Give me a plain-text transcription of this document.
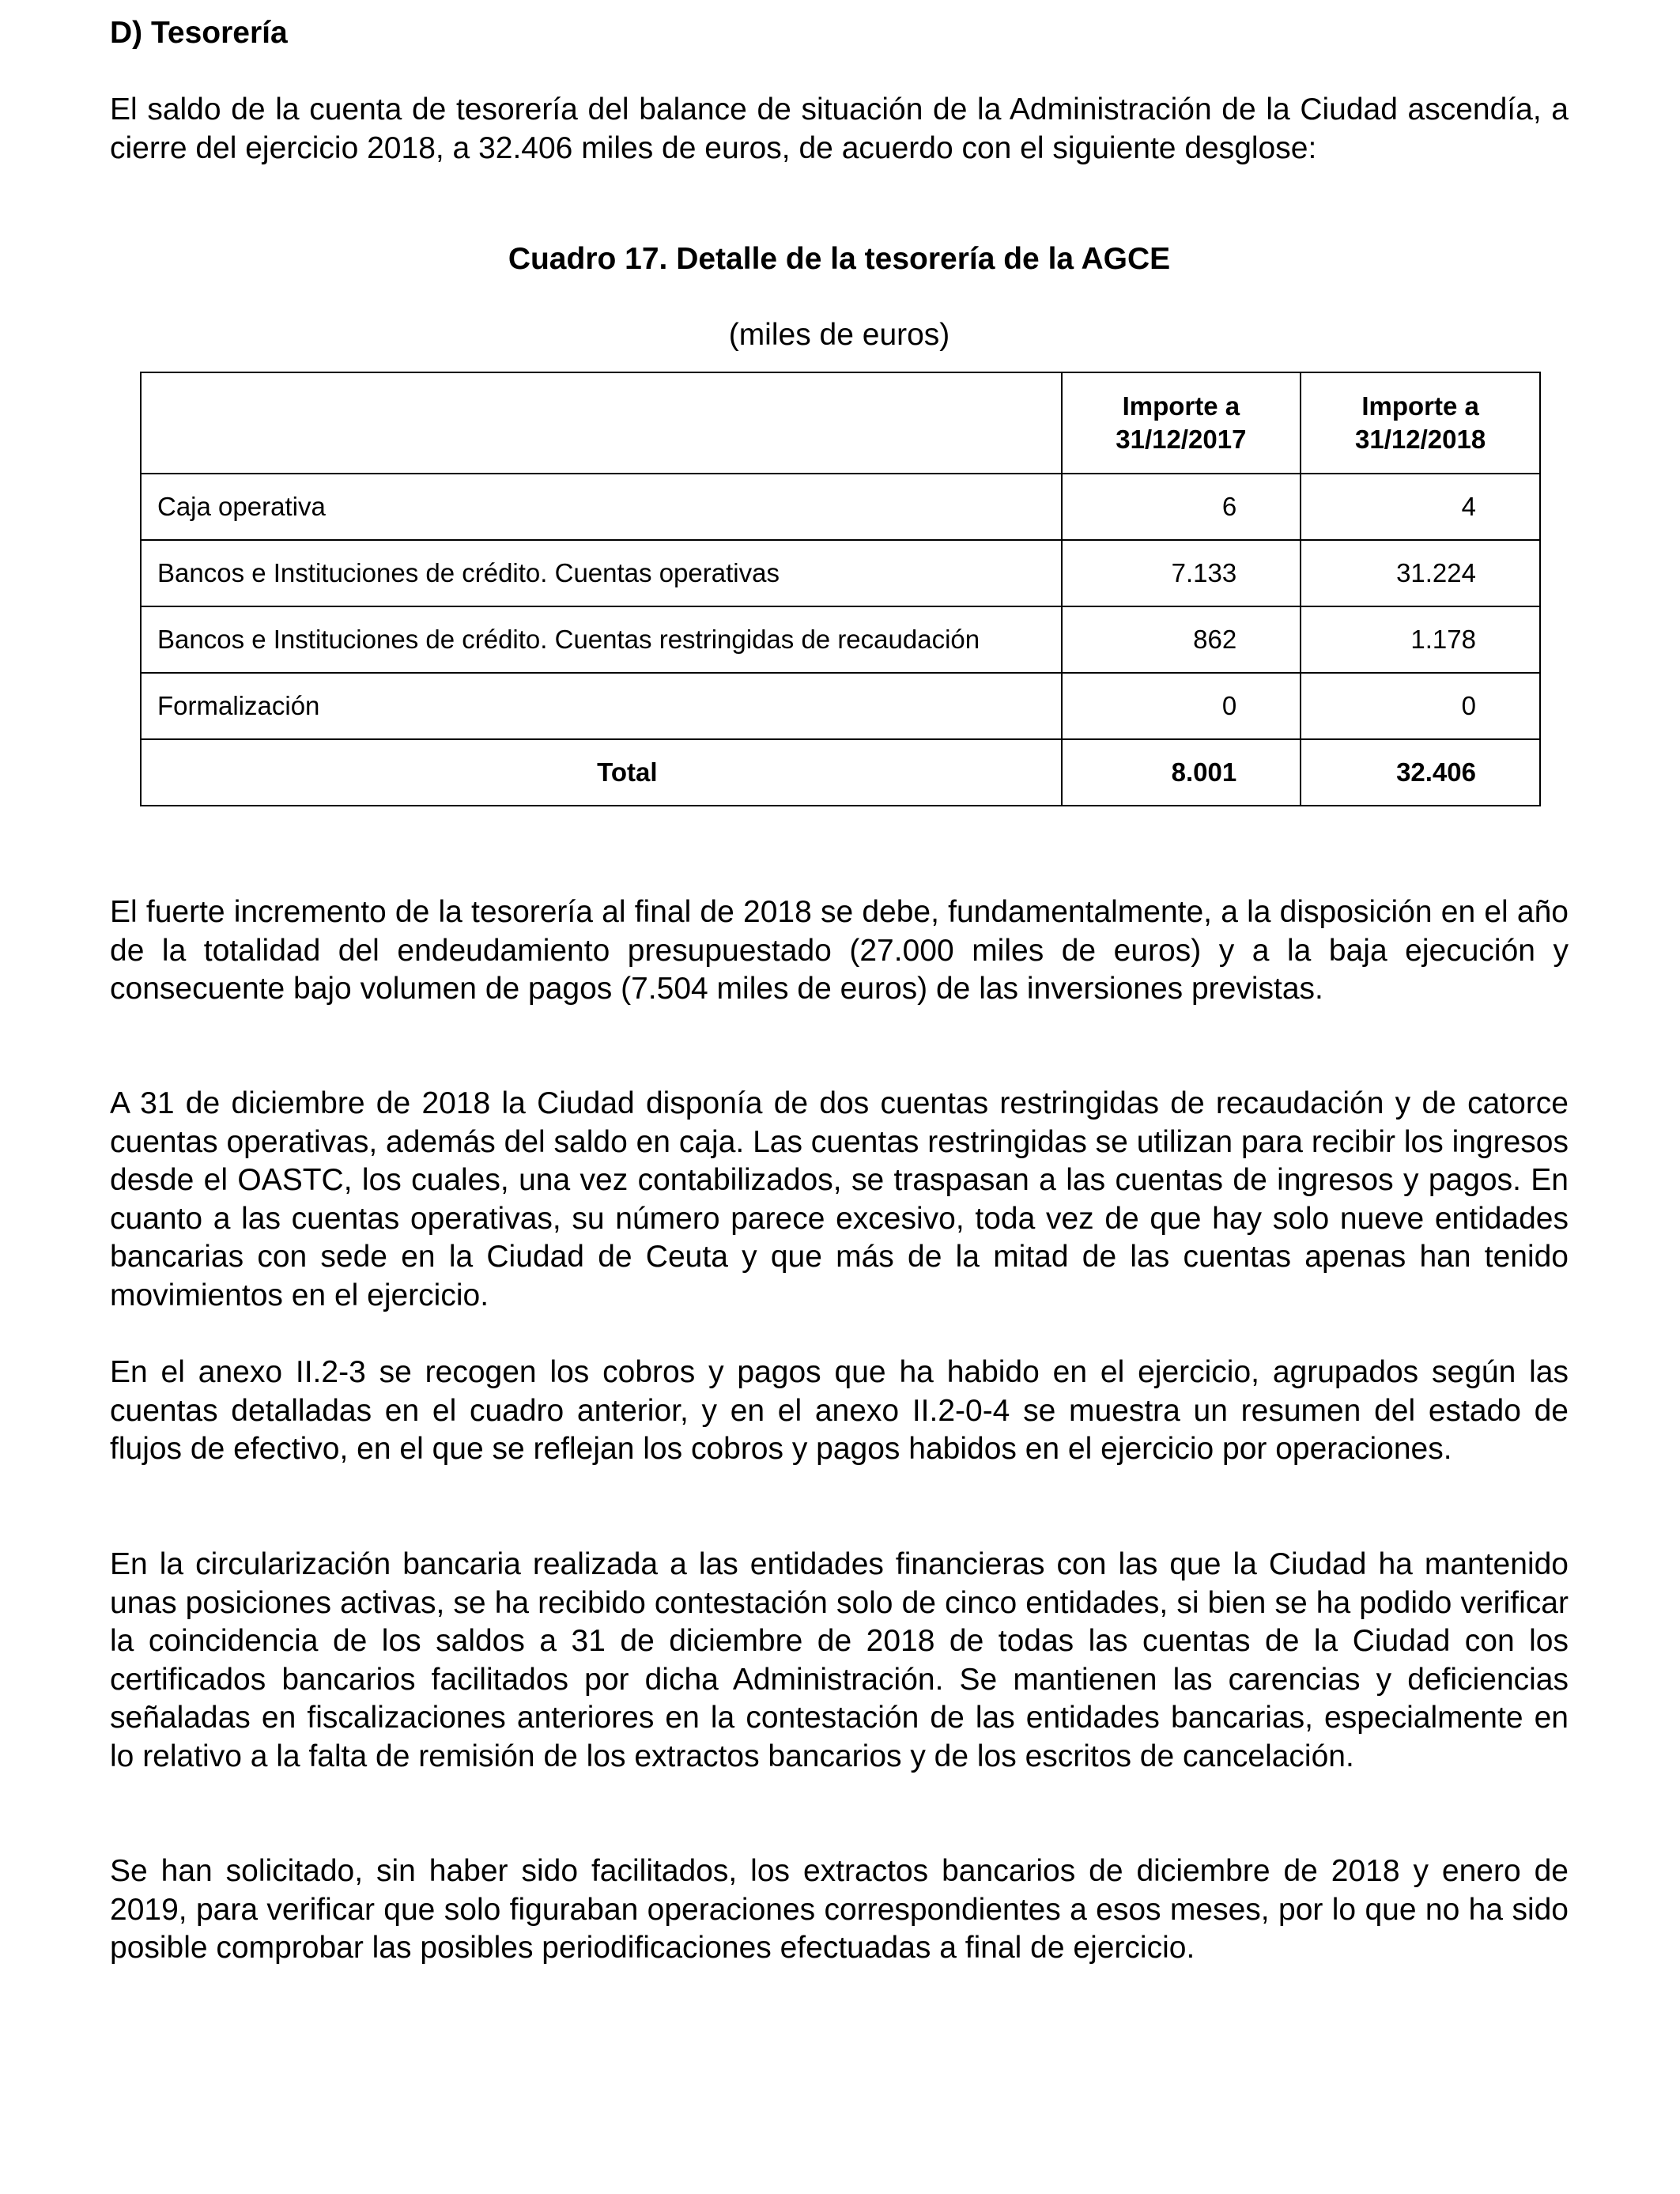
D) Tesorería

El saldo de la cuenta de tesorería del balance de situación de la Administración de la Ciudad ascendía, a cierre del ejercicio 2018, a 32.406 miles de euros, de acuerdo con el siguiente desglose:

Cuadro 17. Detalle de la tesorería de la AGCE

(miles de euros)

	Importe a 31/12/2017	Importe a 31/12/2018
Caja operativa	6	4
Bancos e Instituciones de crédito. Cuentas operativas	7.133	31.224
Bancos e Instituciones de crédito. Cuentas restringidas de recaudación	862	1.178
Formalización	0	0
Total	8.001	32.406

El fuerte incremento de la tesorería al final de 2018 se debe, fundamentalmente, a la disposición en el año de la totalidad del endeudamiento presupuestado (27.000 miles de euros) y a la baja ejecución y consecuente bajo volumen de pagos (7.504 miles de euros) de las inversiones previstas.

A 31 de diciembre de 2018 la Ciudad disponía de dos cuentas restringidas de recaudación y de catorce cuentas operativas, además del saldo en caja. Las cuentas restringidas se utilizan para recibir los ingresos desde el OASTC, los cuales, una vez contabilizados, se traspasan a las cuentas de ingresos y pagos. En cuanto a las cuentas operativas, su número parece excesivo, toda vez de que hay solo nueve entidades bancarias con sede en la Ciudad de Ceuta y que más de la mitad de las cuentas apenas han tenido movimientos en el ejercicio.

En el anexo II.2-3 se recogen los cobros y pagos que ha habido en el ejercicio, agrupados según las cuentas detalladas en el cuadro anterior, y en el anexo II.2-0-4 se muestra un resumen del estado de flujos de efectivo, en el que se reflejan los cobros y pagos habidos en el ejercicio por operaciones.

En la circularización bancaria realizada a las entidades financieras con las que la Ciudad ha mantenido unas posiciones activas, se ha recibido contestación solo de cinco entidades, si bien se ha podido verificar la coincidencia de los saldos a 31 de diciembre de 2018 de todas las cuentas de la Ciudad con los certificados bancarios facilitados por dicha Administración. Se mantienen las carencias y deficiencias señaladas en fiscalizaciones anteriores en la contestación de las entidades bancarias, especialmente en lo relativo a la falta de remisión de los extractos bancarios y de los escritos de cancelación.

Se han solicitado, sin haber sido facilitados, los extractos bancarios de diciembre de 2018 y enero de 2019, para verificar que solo figuraban operaciones correspondientes a esos meses, por lo que no ha sido posible comprobar las posibles periodificaciones efectuadas a final de ejercicio.
